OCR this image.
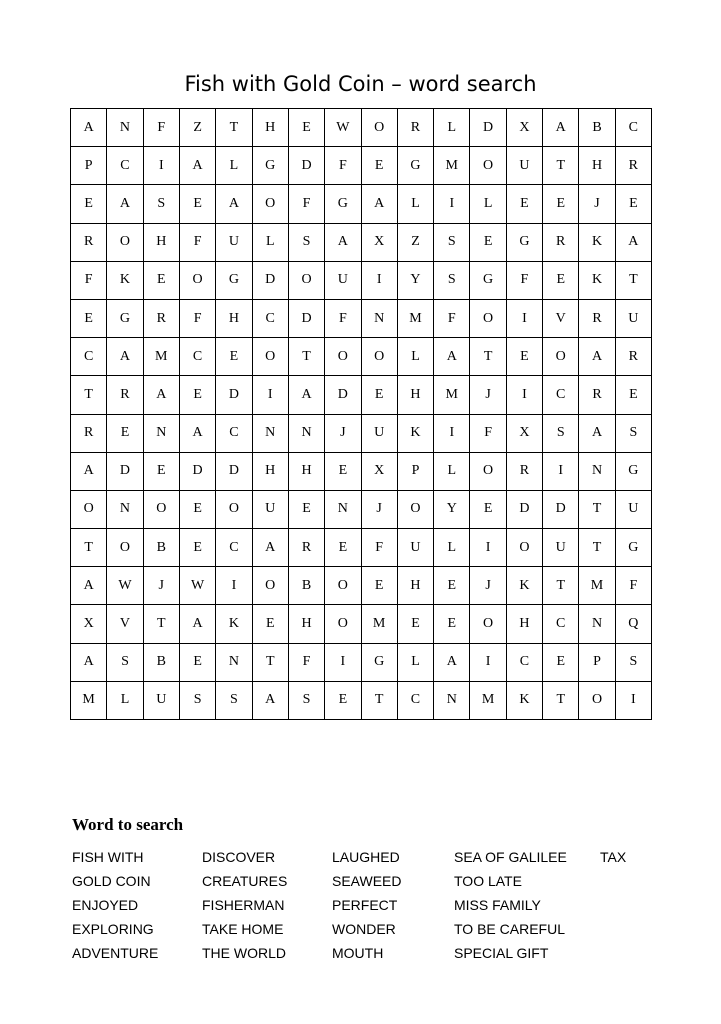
Fish with Gold Coin – word search
A	N	F	Z	T	H	E	W	O	R	L	D	X	A	B	C
P	C	I	A	L	G	D	F	E	G	M	O	U	T	H	R
E	A	S	E	A	O	F	G	A	L	I	L	E	E	J	E
R	O	H	F	U	L	S	A	X	Z	S	E	G	R	K	A
F	K	E	O	G	D	O	U	I	Y	S	G	F	E	K	T
E	G	R	F	H	C	D	F	N	M	F	O	I	V	R	U
C	A	M	C	E	O	T	O	O	L	A	T	E	O	A	R
T	R	A	E	D	I	A	D	E	H	M	J	I	C	R	E
R	E	N	A	C	N	N	J	U	K	I	F	X	S	A	S
A	D	E	D	D	H	H	E	X	P	L	O	R	I	N	G
O	N	O	E	O	U	E	N	J	O	Y	E	D	D	T	U
T	O	B	E	C	A	R	E	F	U	L	I	O	U	T	G
A	W	J	W	I	O	B	O	E	H	E	J	K	T	M	F
X	V	T	A	K	E	H	O	M	E	E	O	H	C	N	Q
A	S	B	E	N	T	F	I	G	L	A	I	C	E	P	S
M	L	U	S	S	A	S	E	T	C	N	M	K	T	O	I
Word to search
FISH WITH
GOLD COIN
ENJOYED
EXPLORING
ADVENTURE
DISCOVER
CREATURES
FISHERMAN
TAKE HOME
THE WORLD
LAUGHED
SEAWEED
PERFECT
WONDER
MOUTH
SEA OF GALILEE
TOO LATE
MISS FAMILY
TO BE CAREFUL
SPECIAL GIFT
TAX
